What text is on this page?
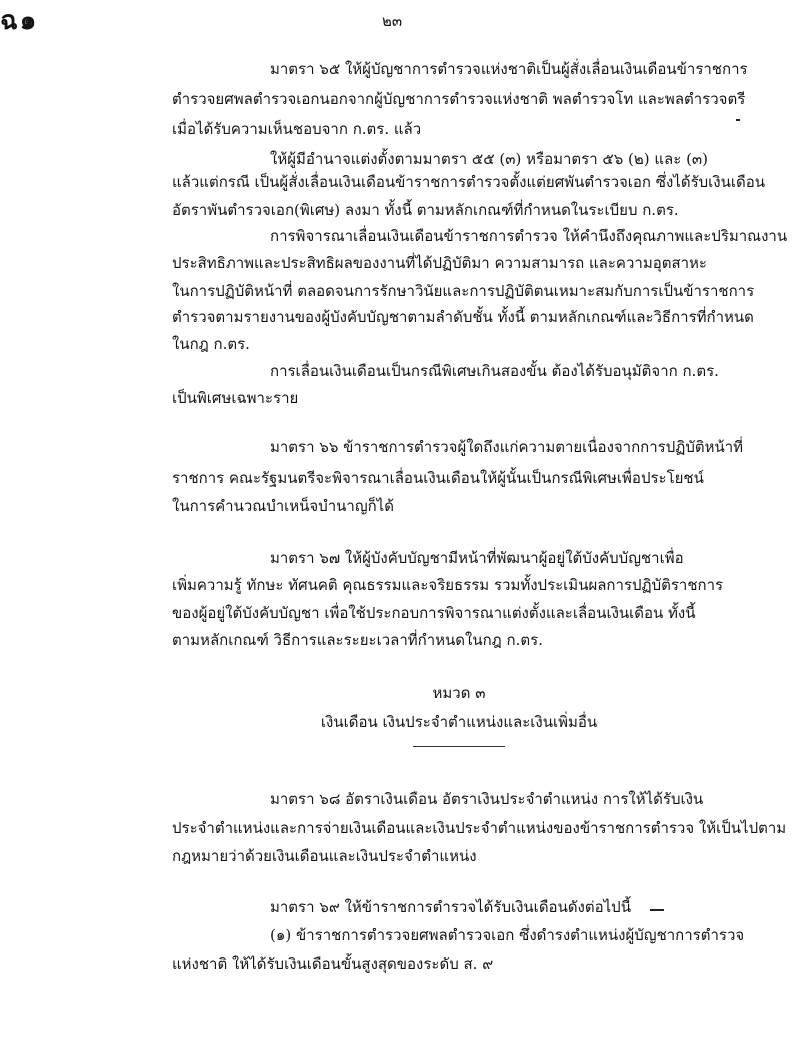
ฉ๑	๒๓
มาตรา ๖๕ ให้ผู้บัญชาการตำรวจแห่งชาติเป็นผู้สั่งเลื่อนเงินเดือนข้าราชการ
ตำรวจยศพลตำรวจเอกนอกจากผู้บัญชาการตำรวจแห่งชาติ พลตำรวจโท และพลตำรวจตรี
เมื่อได้รับความเห็นชอบจาก ก.ตร. แล้ว
ให้ผู้มีอำนาจแต่งตั้งตามมาตรา ๕๕ (๓) หรือมาตรา ๕๖ (๒) และ (๓)
แล้วแต่กรณี เป็นผู้สั่งเลื่อนเงินเดือนข้าราชการตำรวจตั้งแต่ยศพันตำรวจเอก ซึ่งได้รับเงินเดือน
อัตราพันตำรวจเอก(พิเศษ) ลงมา ทั้งนี้ ตามหลักเกณฑ์ที่กำหนดในระเบียบ ก.ตร.
การพิจารณาเลื่อนเงินเดือนข้าราชการตำรวจ ให้คำนึงถึงคุณภาพและปริมาณงาน
ประสิทธิภาพและประสิทธิผลของงานที่ได้ปฏิบัติมา ความสามารถ และความอุตสาหะ
ในการปฏิบัติหน้าที่ ตลอดจนการรักษาวินัยและการปฏิบัติตนเหมาะสมกับการเป็นข้าราชการ
ตำรวจตามรายงานของผู้บังคับบัญชาตามลำดับชั้น ทั้งนี้ ตามหลักเกณฑ์และวิธีการที่กำหนด
ในกฎ ก.ตร.
การเลื่อนเงินเดือนเป็นกรณีพิเศษเกินสองขั้น ต้องได้รับอนุมัติจาก ก.ตร.
เป็นพิเศษเฉพาะราย
มาตรา ๖๖ ข้าราชการตำรวจผู้ใดถึงแก่ความตายเนื่องจากการปฏิบัติหน้าที่
ราชการ คณะรัฐมนตรีจะพิจารณาเลื่อนเงินเดือนให้ผู้นั้นเป็นกรณีพิเศษเพื่อประโยชน์
ในการคำนวณบำเหน็จบำนาญก็ได้
มาตรา ๖๗ ให้ผู้บังคับบัญชามีหน้าที่พัฒนาผู้อยู่ใต้บังคับบัญชาเพื่อ
เพิ่มความรู้ ทักษะ ทัศนคติ คุณธรรมและจริยธรรม รวมทั้งประเมินผลการปฏิบัติราชการ
ของผู้อยู่ใต้บังคับบัญชา เพื่อใช้ประกอบการพิจารณาแต่งตั้งและเลื่อนเงินเดือน ทั้งนี้
ตามหลักเกณฑ์ วิธีการและระยะเวลาที่กำหนดในกฎ ก.ตร.
หมวด ๓
เงินเดือน เงินประจำตำแหน่งและเงินเพิ่มอื่น
มาตรา ๖๘ อัตราเงินเดือน อัตราเงินประจำตำแหน่ง การให้ได้รับเงิน
ประจำตำแหน่งและการจ่ายเงินเดือนและเงินประจำตำแหน่งของข้าราชการตำรวจ ให้เป็นไปตาม
กฎหมายว่าด้วยเงินเดือนและเงินประจำตำแหน่ง
มาตรา ๖๙ ให้ข้าราชการตำรวจได้รับเงินเดือนดังต่อไปนี้
(๑) ข้าราชการตำรวจยศพลตำรวจเอก ซึ่งดำรงตำแหน่งผู้บัญชาการตำรวจ
แห่งชาติ ให้ได้รับเงินเดือนขั้นสูงสุดของระดับ ส. ๙
